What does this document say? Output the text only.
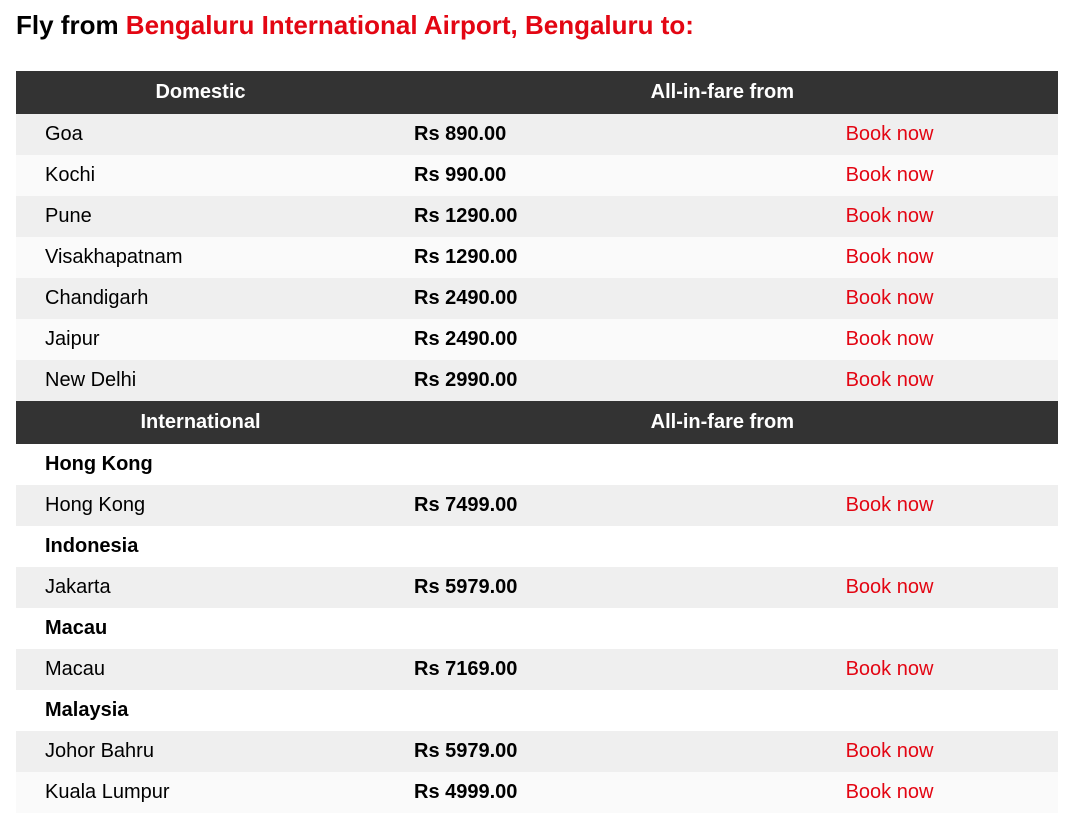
Fly from Bengaluru International Airport, Bengaluru to:
Domestic	All-in-fare from	
Goa	Rs 890.00	Book now
Kochi	Rs 990.00	Book now
Pune	Rs 1290.00	Book now
Visakhapatnam	Rs 1290.00	Book now
Chandigarh	Rs 2490.00	Book now
Jaipur	Rs 2490.00	Book now
New Delhi	Rs 2990.00	Book now
International	All-in-fare from	
Hong Kong		
Hong Kong	Rs 7499.00	Book now
Indonesia		
Jakarta	Rs 5979.00	Book now
Macau		
Macau	Rs 7169.00	Book now
Malaysia		
Johor Bahru	Rs 5979.00	Book now
Kuala Lumpur	Rs 4999.00	Book now
